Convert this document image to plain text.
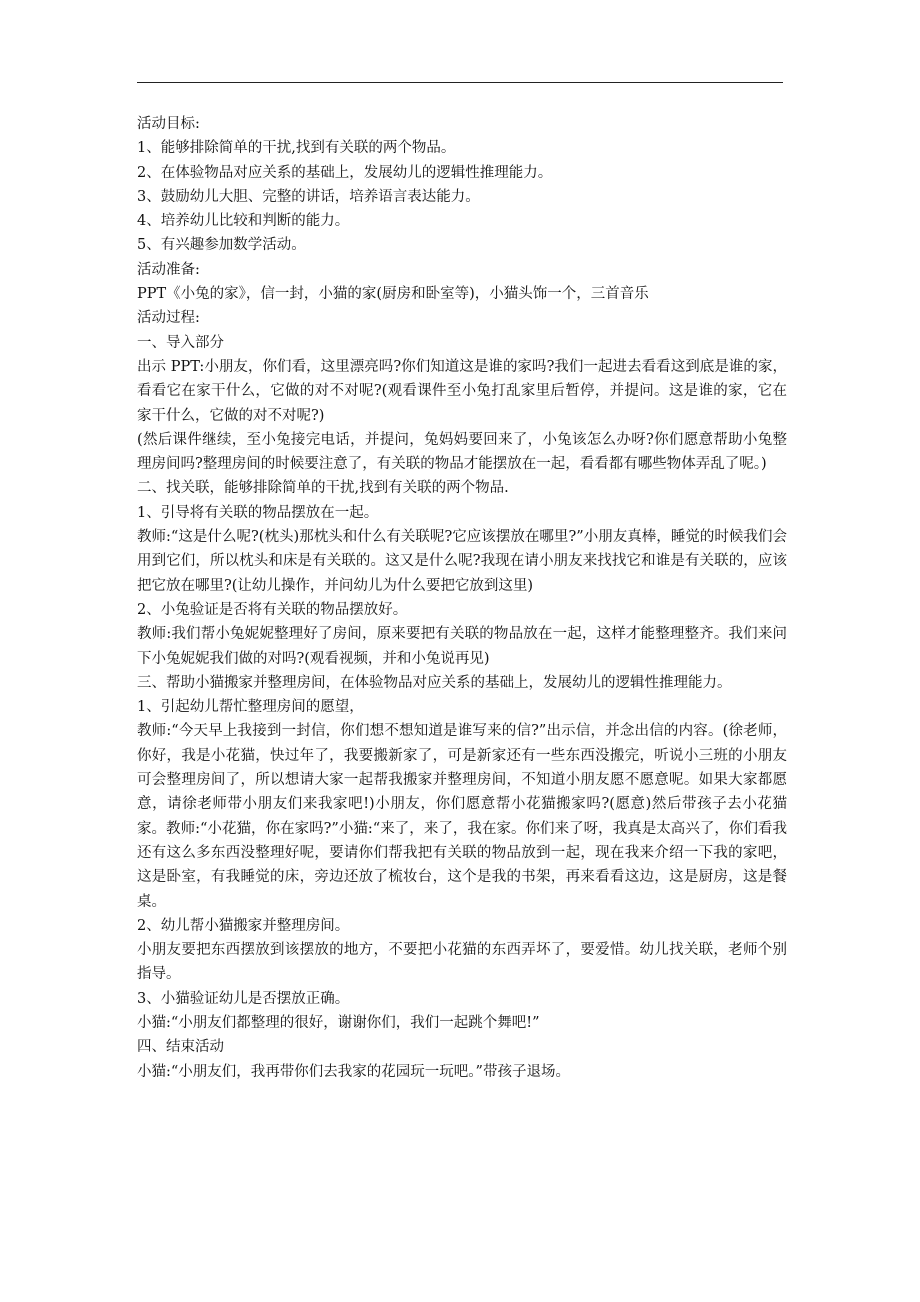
活动目标:

1、能够排除简单的干扰,找到有关联的两个物品。

2、在体验物品对应关系的基础上，发展幼儿的逻辑性推理能力。

3、鼓励幼儿大胆、完整的讲话，培养语言表达能力。

4、培养幼儿比较和判断的能力。

5、有兴趣参加数学活动。

活动准备:

PPT《小兔的家》，信一封，小猫的家(厨房和卧室等)，小猫头饰一个，三首音乐

活动过程:

一、导入部分

出示 PPT:小朋友，你们看，这里漂亮吗?你们知道这是谁的家吗?我们一起进去看看这到底是谁的家，看看它在家干什么，它做的对不对呢?(观看课件至小兔打乱家里后暂停，并提问。这是谁的家，它在家干什么，它做的对不对呢?)

(然后课件继续，至小兔接完电话，并提问，兔妈妈要回来了，小兔该怎么办呀?你们愿意帮助小兔整理房间吗?整理房间的时候要注意了，有关联的物品才能摆放在一起，看看都有哪些物体弄乱了呢。)

二、找关联，能够排除简单的干扰,找到有关联的两个物品.

1、引导将有关联的物品摆放在一起。

教师:“这是什么呢?(枕头)那枕头和什么有关联呢?它应该摆放在哪里?”小朋友真棒，睡觉的时候我们会用到它们，所以枕头和床是有关联的。这又是什么呢?我现在请小朋友来找找它和谁是有关联的，应该把它放在哪里?(让幼儿操作，并问幼儿为什么要把它放到这里)

2、小兔验证是否将有关联的物品摆放好。

教师:我们帮小兔妮妮整理好了房间，原来要把有关联的物品放在一起，这样才能整理整齐。我们来问下小兔妮妮我们做的对吗?(观看视频，并和小兔说再见)

三、帮助小猫搬家并整理房间，在体验物品对应关系的基础上，发展幼儿的逻辑性推理能力。

1、引起幼儿帮忙整理房间的愿望，

教师:“今天早上我接到一封信，你们想不想知道是谁写来的信?”出示信，并念出信的内容。(徐老师，你好，我是小花猫，快过年了，我要搬新家了，可是新家还有一些东西没搬完，听说小三班的小朋友可会整理房间了，所以想请大家一起帮我搬家并整理房间，不知道小朋友愿不愿意呢。如果大家都愿意，请徐老师带小朋友们来我家吧!)小朋友，你们愿意帮小花猫搬家吗?(愿意)然后带孩子去小花猫家。教师:“小花猫，你在家吗?”小猫:“来了，来了，我在家。你们来了呀，我真是太高兴了，你们看我还有这么多东西没整理好呢，要请你们帮我把有关联的物品放到一起，现在我来介绍一下我的家吧，这是卧室，有我睡觉的床，旁边还放了梳妆台，这个是我的书架，再来看看这边，这是厨房，这是餐桌。

2、幼儿帮小猫搬家并整理房间。

小朋友要把东西摆放到该摆放的地方，不要把小花猫的东西弄坏了，要爱惜。幼儿找关联，老师个别指导。

3、小猫验证幼儿是否摆放正确。

小猫:“小朋友们都整理的很好，谢谢你们，我们一起跳个舞吧!”

四、结束活动

小猫:“小朋友们，我再带你们去我家的花园玩一玩吧。”带孩子退场。
